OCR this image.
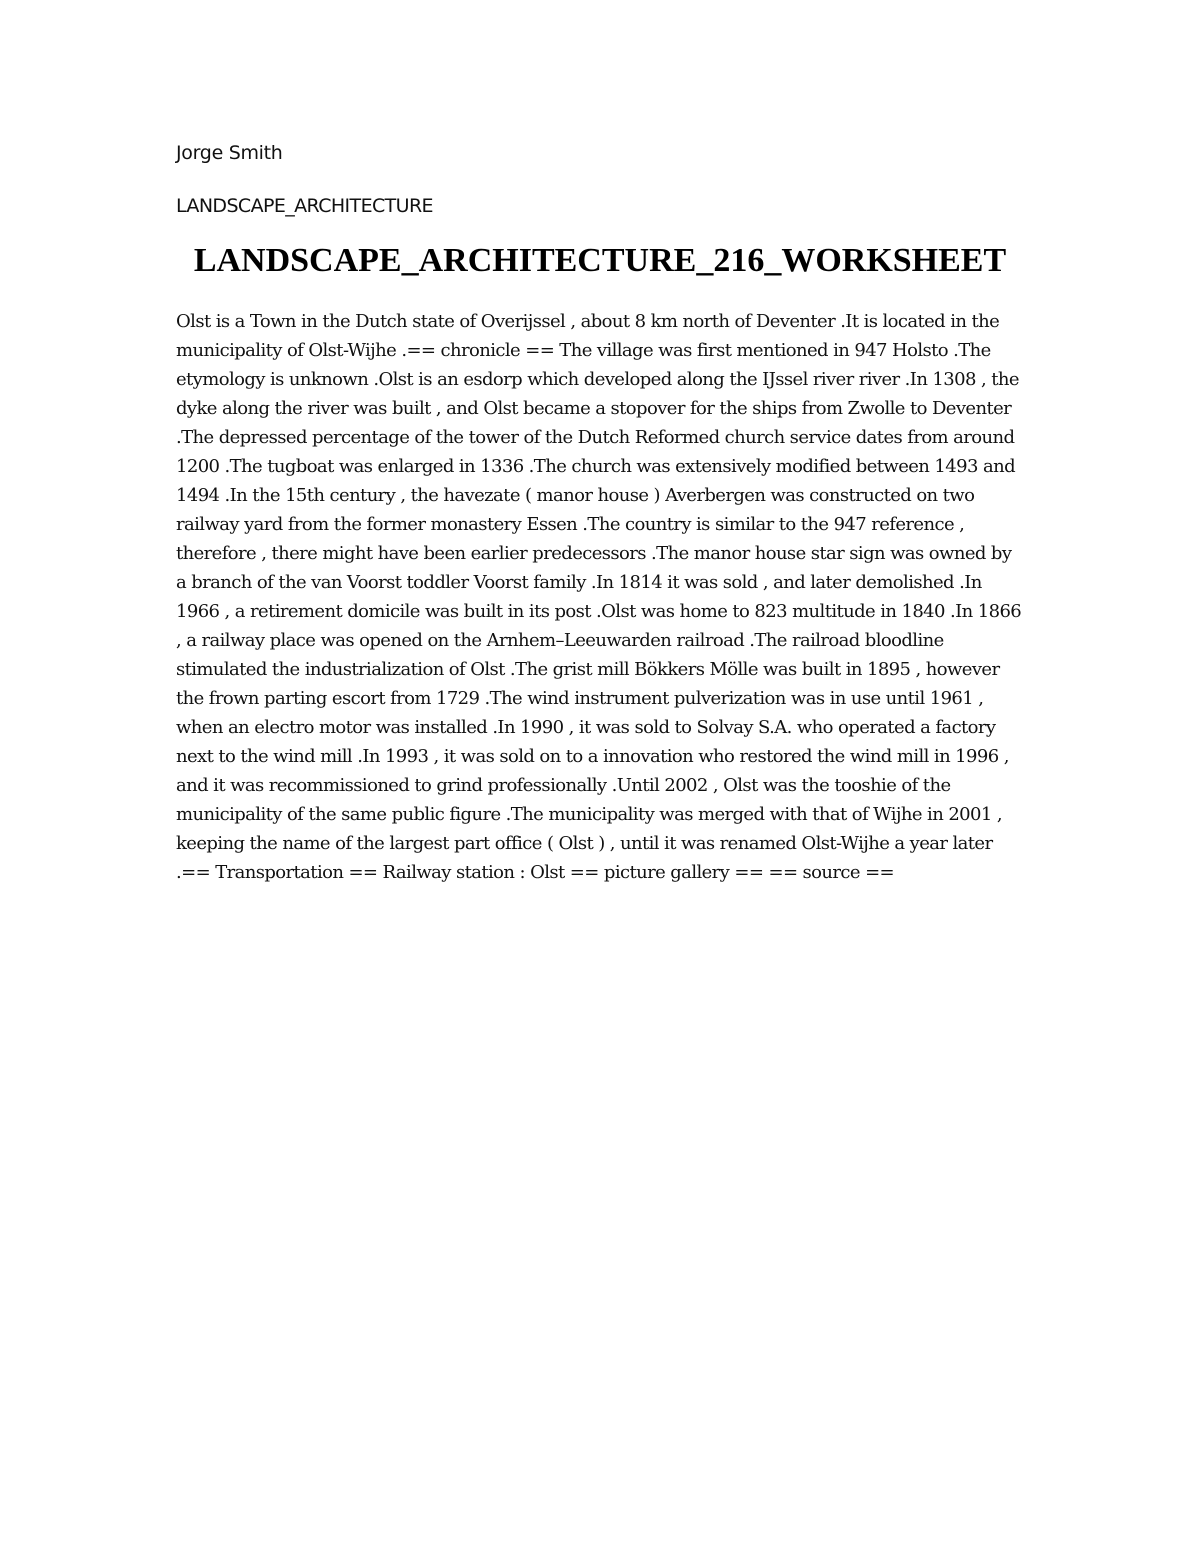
Jorge Smith
LANDSCAPE_ARCHITECTURE
LANDSCAPE_ARCHITECTURE_216_WORKSHEET
Olst is a Town in the Dutch state of Overijssel , about 8 km north of Deventer .It is located in the municipality of Olst-Wijhe .== chronicle == The village was first mentioned in 947 Holsto .The etymology is unknown .Olst is an esdorp which developed along the IJssel river river .In 1308 , the dyke along the river was built , and Olst became a stopover for the ships from Zwolle to Deventer .The depressed percentage of the tower of the Dutch Reformed church service dates from around 1200 .The tugboat was enlarged in 1336 .The church was extensively modified between 1493 and 1494 .In the 15th century , the havezate ( manor house ) Averbergen was constructed on two railway yard from the former monastery Essen .The country is similar to the 947 reference , therefore , there might have been earlier predecessors .The manor house star sign was owned by a branch of the van Voorst toddler Voorst family .In 1814 it was sold , and later demolished .In 1966 , a retirement domicile was built in its post .Olst was home to 823 multitude in 1840 .In 1866 , a railway place was opened on the Arnhem–Leeuwarden railroad .The railroad bloodline stimulated the industrialization of Olst .The grist mill Bökkers Mölle was built in 1895 , however the frown parting escort from 1729 .The wind instrument pulverization was in use until 1961 , when an electro motor was installed .In 1990 , it was sold to Solvay S.A. who operated a factory next to the wind mill .In 1993 , it was sold on to a innovation who restored the wind mill in 1996 , and it was recommissioned to grind professionally .Until 2002 , Olst was the tooshie of the municipality of the same public figure .The municipality was merged with that of Wijhe in 2001 , keeping the name of the largest part office ( Olst ) , until it was renamed Olst-Wijhe a year later .== Transportation == Railway station : Olst == picture gallery == == source ==
